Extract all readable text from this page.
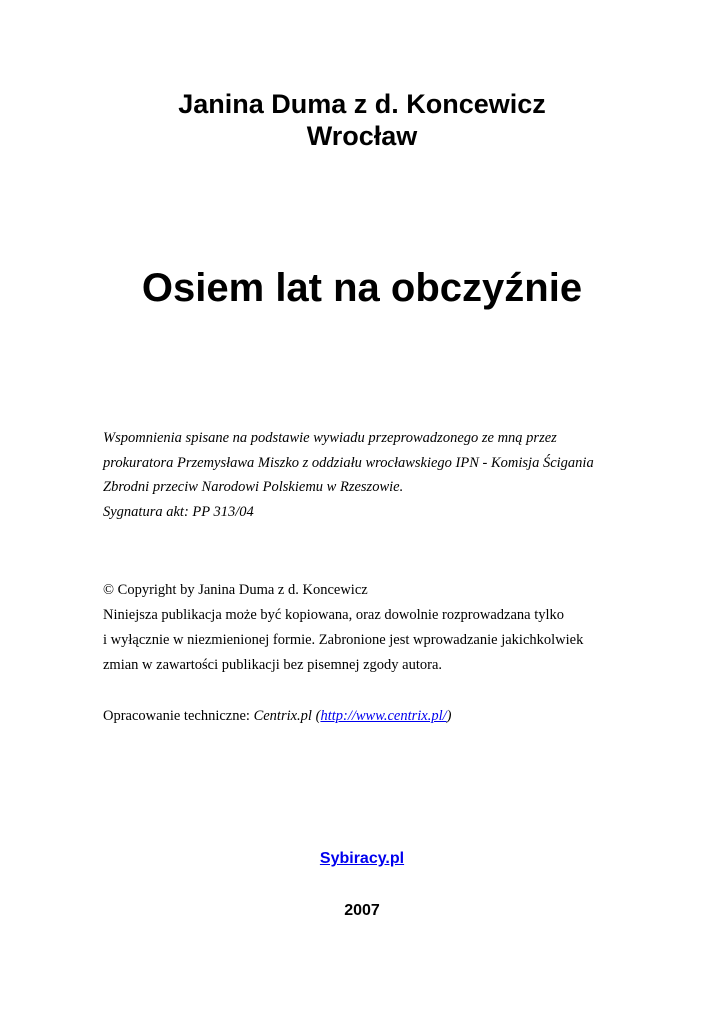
Janina Duma z d. Koncewicz
Wrocław
Osiem lat na obczyźnie
Wspomnienia spisane na podstawie wywiadu przeprowadzonego ze mną przez
prokuratora Przemysława Miszko z oddziału wrocławskiego IPN - Komisja Ścigania
Zbrodni przeciw Narodowi Polskiemu w Rzeszowie.
Sygnatura akt: PP 313/04
© Copyright by Janina Duma z d. Koncewicz
Niniejsza publikacja może być kopiowana, oraz dowolnie rozprowadzana tylko
i wyłącznie w niezmienionej formie. Zabronione jest wprowadzanie jakichkolwiek
zmian w zawartości publikacji bez pisemnej zgody autora.
Opracowanie techniczne: Centrix.pl (http://www.centrix.pl/)
Sybiracy.pl
2007
